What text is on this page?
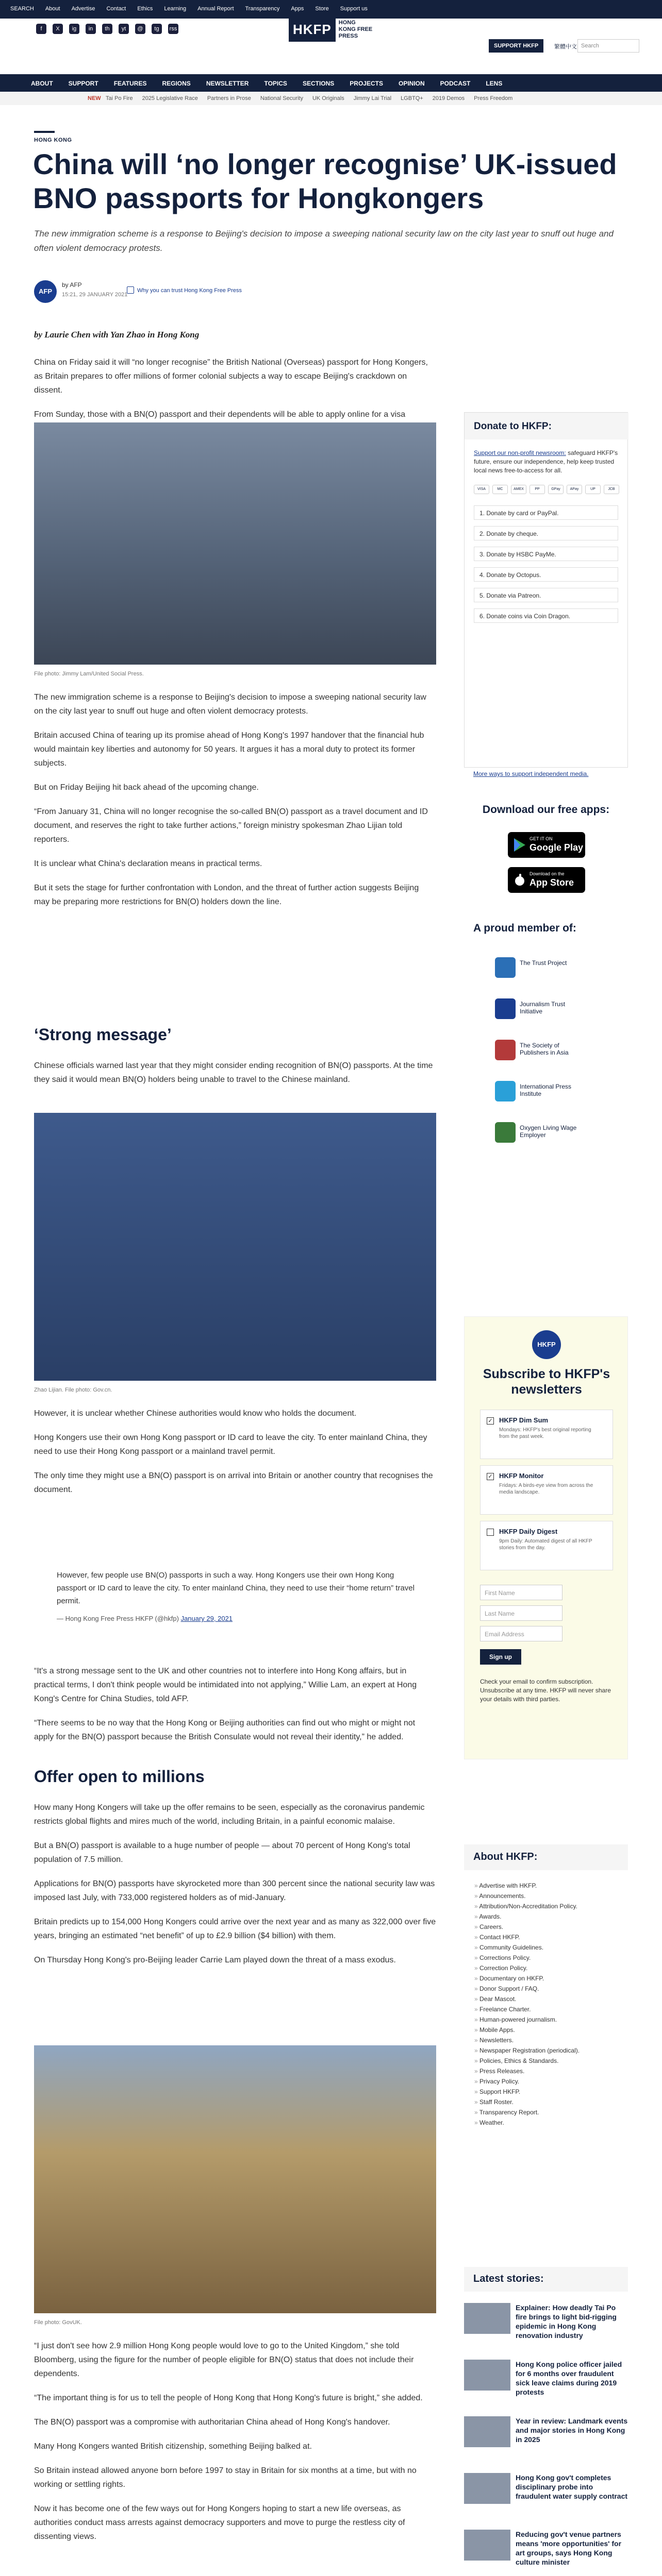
SEARCH About Advertise Contact Ethics Learning Annual Report Transparency Apps Store Support us
f	X	ig	in	th	yt	@	tg	rss	HKFP	HONG KONG FREE PRESS
SUPPORT HKFP	繁體中文 Search
ABOUT	SUPPORT	FEATURES	REGIONS	NEWSLETTER	TOPICS	SECTIONS	PROJECTS	OPINION	PODCAST	LENS
NEW Tai Po Fire 2025 Legislative Race Partners in Prose National Security UK Originals Jimmy Lai Trial LGBTQ+ 2019 Demos Press Freedom
HONG KONG
China will ‘no longer recognise’ UK-issued BNO passports for Hongkongers
The new immigration scheme is a response to Beijing's decision to impose a sweeping national security law on the city last year to snuff out huge and often violent democracy protests.
AFP
by AFP
15:21, 29 JANUARY 2021
Why you can trust Hong Kong Free Press
by Laurie Chen with Yan Zhao in Hong Kong

China on Friday said it will “no longer recognise” the British National (Overseas) passport for Hong Kongers, as Britain prepares to offer millions of former colonial subjects a way to escape Beijing's crackdown on dissent.

From Sunday, those with a BN(O) passport and their dependents will be able to apply online for a visa

File photo: Jimmy Lam/United Social Press.

The new immigration scheme is a response to Beijing's decision to impose a sweeping national security law on the city last year to snuff out huge and often violent democracy protests.

Britain accused China of tearing up its promise ahead of Hong Kong's 1997 handover that the financial hub would maintain key liberties and autonomy for 50 years. It argues it has a moral duty to protect its former subjects.

But on Friday Beijing hit back ahead of the upcoming change.

“From January 31, China will no longer recognise the so-called BN(O) passport as a travel document and ID document, and reserves the right to take further actions,” foreign ministry spokesman Zhao Lijian told reporters.

It is unclear what China's declaration means in practical terms.

But it sets the stage for further confrontation with London, and the threat of further action suggests Beijing may be preparing more restrictions for BN(O) holders down the line.

‘Strong message’

Chinese officials warned last year that they might consider ending recognition of BN(O) passports. At the time they said it would mean BN(O) holders being unable to travel to the Chinese mainland.

Zhao Lijian. File photo: Gov.cn.

However, it is unclear whether Chinese authorities would know who holds the document.

Hong Kongers use their own Hong Kong passport or ID card to leave the city. To enter mainland China, they need to use their Hong Kong passport or a mainland travel permit.

The only time they might use a BN(O) passport is on arrival into Britain or another country that recognises the document.

However, few people use BN(O) passports in such a way. Hong Kongers use their own Hong Kong passport or ID card to leave the city. To enter mainland China, they need to use their “home return” travel permit.

— Hong Kong Free Press HKFP (@hkfp) January 29, 2021

“It's a strong message sent to the UK and other countries not to interfere into Hong Kong affairs, but in practical terms, I don't think people would be intimidated into not applying,” Willie Lam, an expert at Hong Kong's Centre for China Studies, told AFP.

“There seems to be no way that the Hong Kong or Beijing authorities can find out who might or might not apply for the BN(O) passport because the British Consulate would not reveal their identity,” he added.

Offer open to millions

How many Hong Kongers will take up the offer remains to be seen, especially as the coronavirus pandemic restricts global flights and mires much of the world, including Britain, in a painful economic malaise.

But a BN(O) passport is available to a huge number of people — about 70 percent of Hong Kong's total population of 7.5 million.

Applications for BN(O) passports have skyrocketed more than 300 percent since the national security law was imposed last July, with 733,000 registered holders as of mid-January.

Britain predicts up to 154,000 Hong Kongers could arrive over the next year and as many as 322,000 over five years, bringing an estimated “net benefit” of up to £2.9 billion ($4 billion) with them.

On Thursday Hong Kong's pro-Beijing leader Carrie Lam played down the threat of a mass exodus.

File photo: GovUK.

“I just don't see how 2.9 million Hong Kong people would love to go to the United Kingdom,” she told Bloomberg, using the figure for the number of people eligible for BN(O) status that does not include their dependents.

“The important thing is for us to tell the people of Hong Kong that Hong Kong's future is bright,” she added.

The BN(O) passport was a compromise with authoritarian China ahead of Hong Kong's handover.

Many Hong Kongers wanted British citizenship, something Beijing balked at.

So Britain instead allowed anyone born before 1997 to stay in Britain for six months at a time, but with no working or settling rights.

Now it has become one of the few ways out for Hong Kongers hoping to start a new life overseas, as authorities conduct mass arrests against democracy supporters and move to purge the restless city of dissenting views.

Donate to HKFP:
Support our non-profit newsroom: safeguard HKFP's future, ensure our independence, help keep trusted local news free-to-access for all.
VISA	MC	AMEX	PP	GPay	APay	UP	JCB
1. Donate by card or PayPal.
2. Donate by cheque.
3. Donate by HSBC PayMe.
4. Donate by Octopus.
5. Donate via Patreon.
6. Donate coins via Coin Dragon.
More ways to support independent media.
Download our free apps:
GET IT ON
Google Play
Download on the
App Store
A proud member of:
The Trust Project
Journalism Trust Initiative
The Society of Publishers in Asia
International Press Institute
Oxygen Living Wage Employer
HKFP
Subscribe to HKFP's newsletters
✓ HKFP Dim Sum
Mondays: HKFP's best original reporting from the past week.
✓ HKFP Monitor
Fridays: A birds-eye view from across the media landscape.
HKFP Daily Digest
9pm Daily: Automated digest of all HKFP stories from the day.
First Name
Last Name
Email Address
Sign up
Check your email to confirm subscription. Unsubscribe at any time. HKFP will never share your details with third parties.
About HKFP:
» Advertise with HKFP.
» Announcements.
» Attribution/Non-Accreditation Policy.
» Awards.
» Careers.
» Contact HKFP.
» Community Guidelines.
» Corrections Policy.
» Correction Policy.
» Documentary on HKFP.
» Donor Support / FAQ.
» Dear Mascot.
» Freelance Charter.
» Human-powered journalism.
» Mobile Apps.
» Newsletters.
» Newspaper Registration (periodical).
» Policies, Ethics & Standards.
» Press Releases.
» Privacy Policy.
» Support HKFP.
» Staff Roster.
» Transparency Report.
» Weather.
Latest stories:
Explainer: How deadly Tai Po fire brings to light bid-rigging epidemic in Hong Kong renovation industry
Hong Kong police officer jailed for 6 months over fraudulent sick leave claims during 2019 protests
Year in review: Landmark events and major stories in Hong Kong in 2025
Hong Kong gov't completes disciplinary probe into fraudulent water supply contract
Reducing gov't venue partners means 'more opportunities' for art groups, says Hong Kong culture minister
